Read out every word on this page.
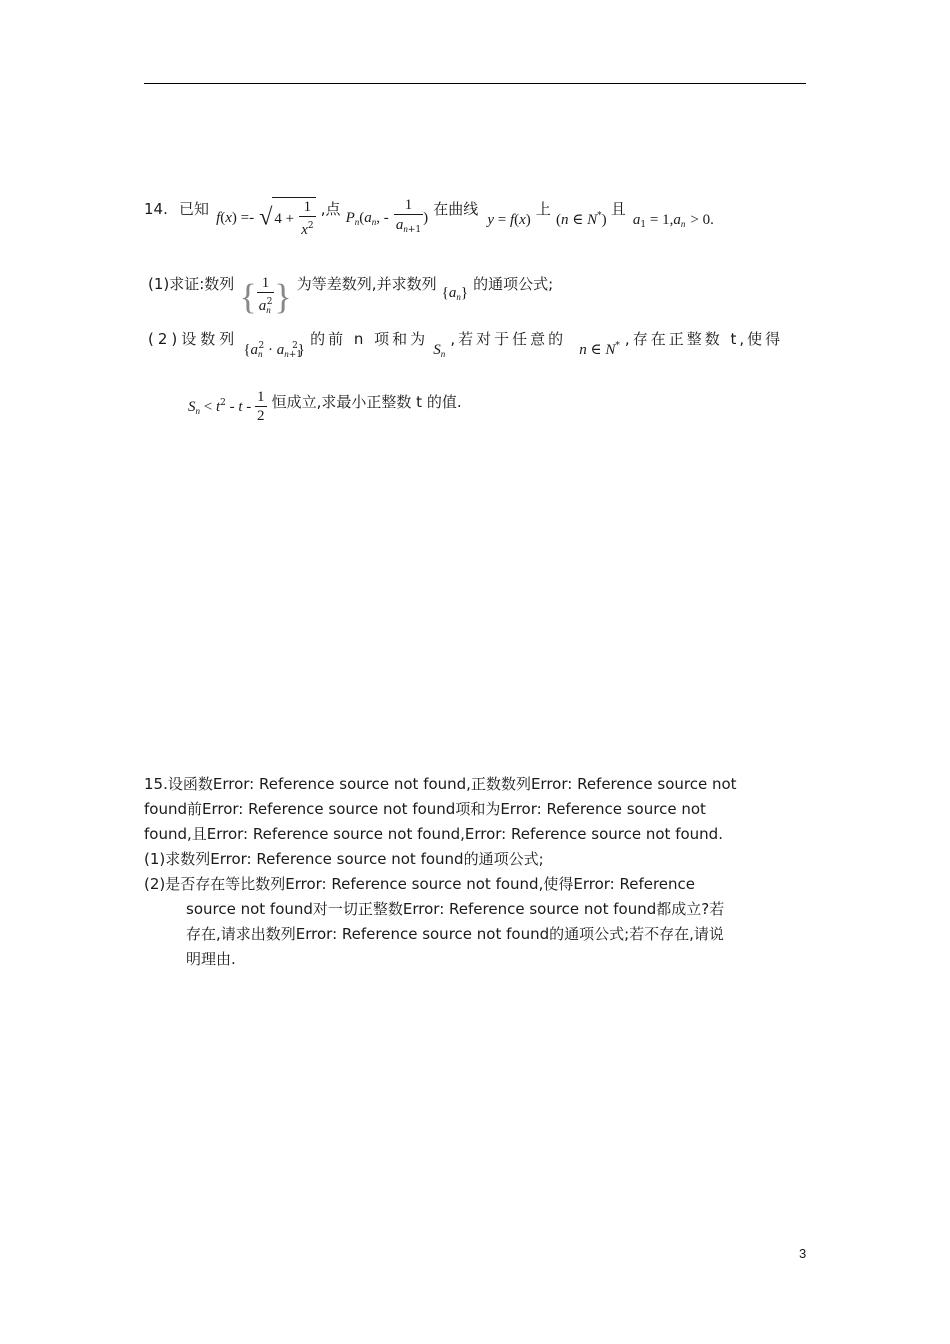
14. 已知 f(x) =- √ $4 + \frac{1}{x^2}$ ,点 $P_n(a_n$, - $\frac{1}{a_{n+1}}$ ) 在曲线 y = f(x) 上 $_{(n \in N^*)}$ 且 $a_1 = 1,a_n > 0$.
(1)求证:数列 { $\frac{1}{a_n^2}$ } 为等差数列,并求数列 $\{a_n\}$ 的通项公式;
(2)设数列 $\{a_n^2 \cdot a_{n+1}^2\}$ 的前 n 项和为 $S_n$ ,若对于任意的 n ∈ N* ,存在正整数 t,使得
$S_n < t^2 - t - \frac{1}{2}$ 恒成立,求最小正整数 t 的值.
15.设函数Error: Reference source not found,正数数列Error: Reference source not
found前Error: Reference source not found项和为Error: Reference source not
found,且Error: Reference source not found,Error: Reference source not found.
(1)求数列Error: Reference source not found的通项公式;
(2)是否存在等比数列Error: Reference source not found,使得Error: Reference
source not found对一切正整数Error: Reference source not found都成立?若
存在,请求出数列Error: Reference source not found的通项公式;若不存在,请说
明理由.
3
